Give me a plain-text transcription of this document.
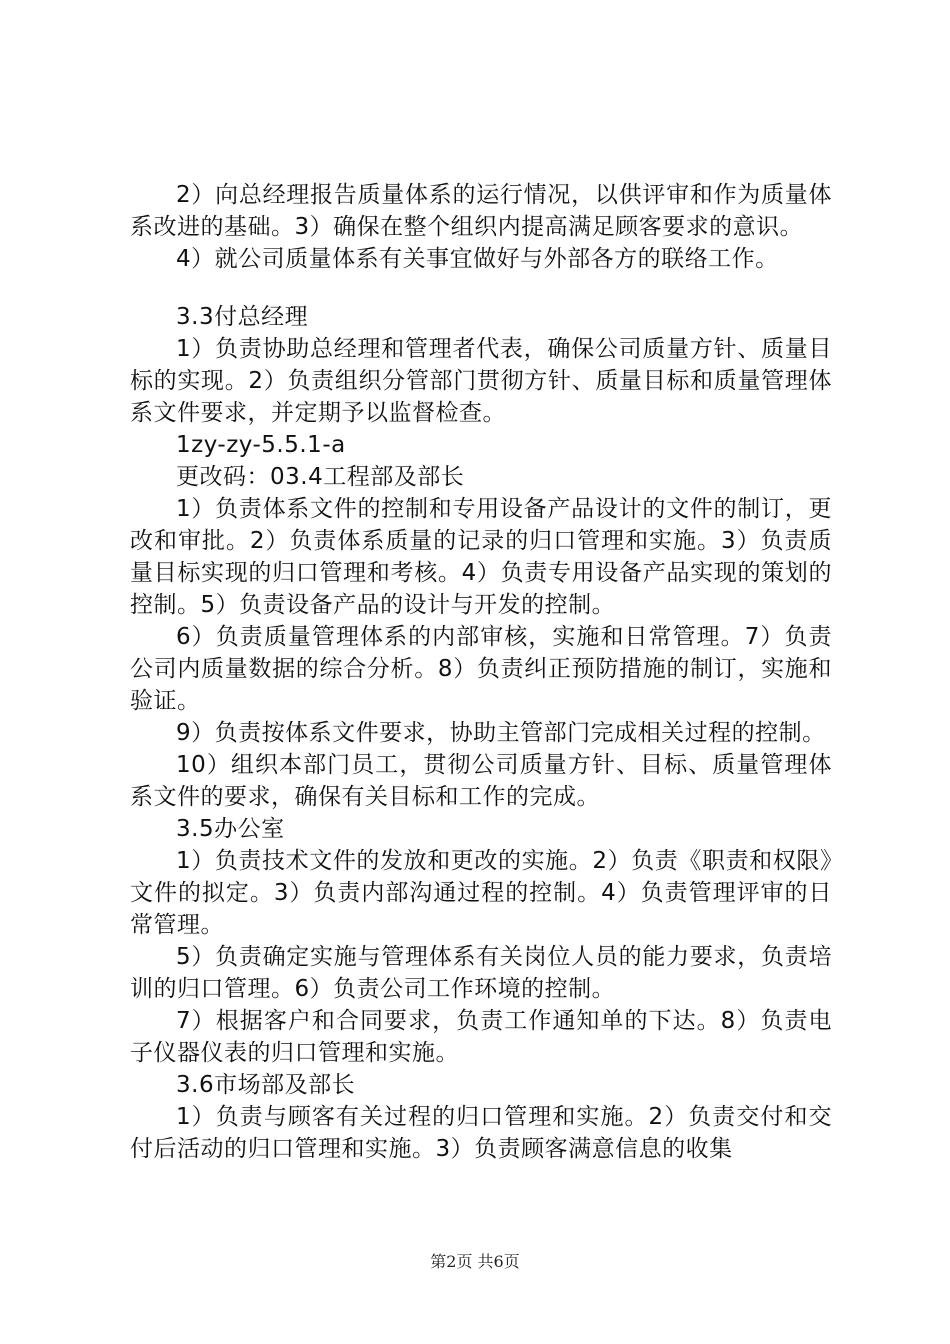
2）向总经理报告质量体系的运行情况，以供评审和作为质量体系改进的基础。3）确保在整个组织内提高满足顾客要求的意识。

4）就公司质量体系有关事宜做好与外部各方的联络工作。

3.3付总经理

1）负责协助总经理和管理者代表，确保公司质量方针、质量目标的实现。2）负责组织分管部门贯彻方针、质量目标和质量管理体系文件要求，并定期予以监督检查。

1zy-zy-5.5.1-a

更改码：03.4工程部及部长

1）负责体系文件的控制和专用设备产品设计的文件的制订，更改和审批。2）负责体系质量的记录的归口管理和实施。3）负责质量目标实现的归口管理和考核。4）负责专用设备产品实现的策划的控制。5）负责设备产品的设计与开发的控制。

6）负责质量管理体系的内部审核，实施和日常管理。7）负责公司内质量数据的综合分析。8）负责纠正预防措施的制订，实施和验证。

9）负责按体系文件要求，协助主管部门完成相关过程的控制。

10）组织本部门员工，贯彻公司质量方针、目标、质量管理体系文件的要求，确保有关目标和工作的完成。

3.5办公室

1）负责技术文件的发放和更改的实施。2）负责《职责和权限》文件的拟定。3）负责内部沟通过程的控制。4）负责管理评审的日常管理。

5）负责确定实施与管理体系有关岗位人员的能力要求，负责培训的归口管理。6）负责公司工作环境的控制。

7）根据客户和合同要求，负责工作通知单的下达。8）负责电子仪器仪表的归口管理和实施。

3.6市场部及部长

1）负责与顾客有关过程的归口管理和实施。2）负责交付和交付后活动的归口管理和实施。3）负责顾客满意信息的收集

第2页 共6页
